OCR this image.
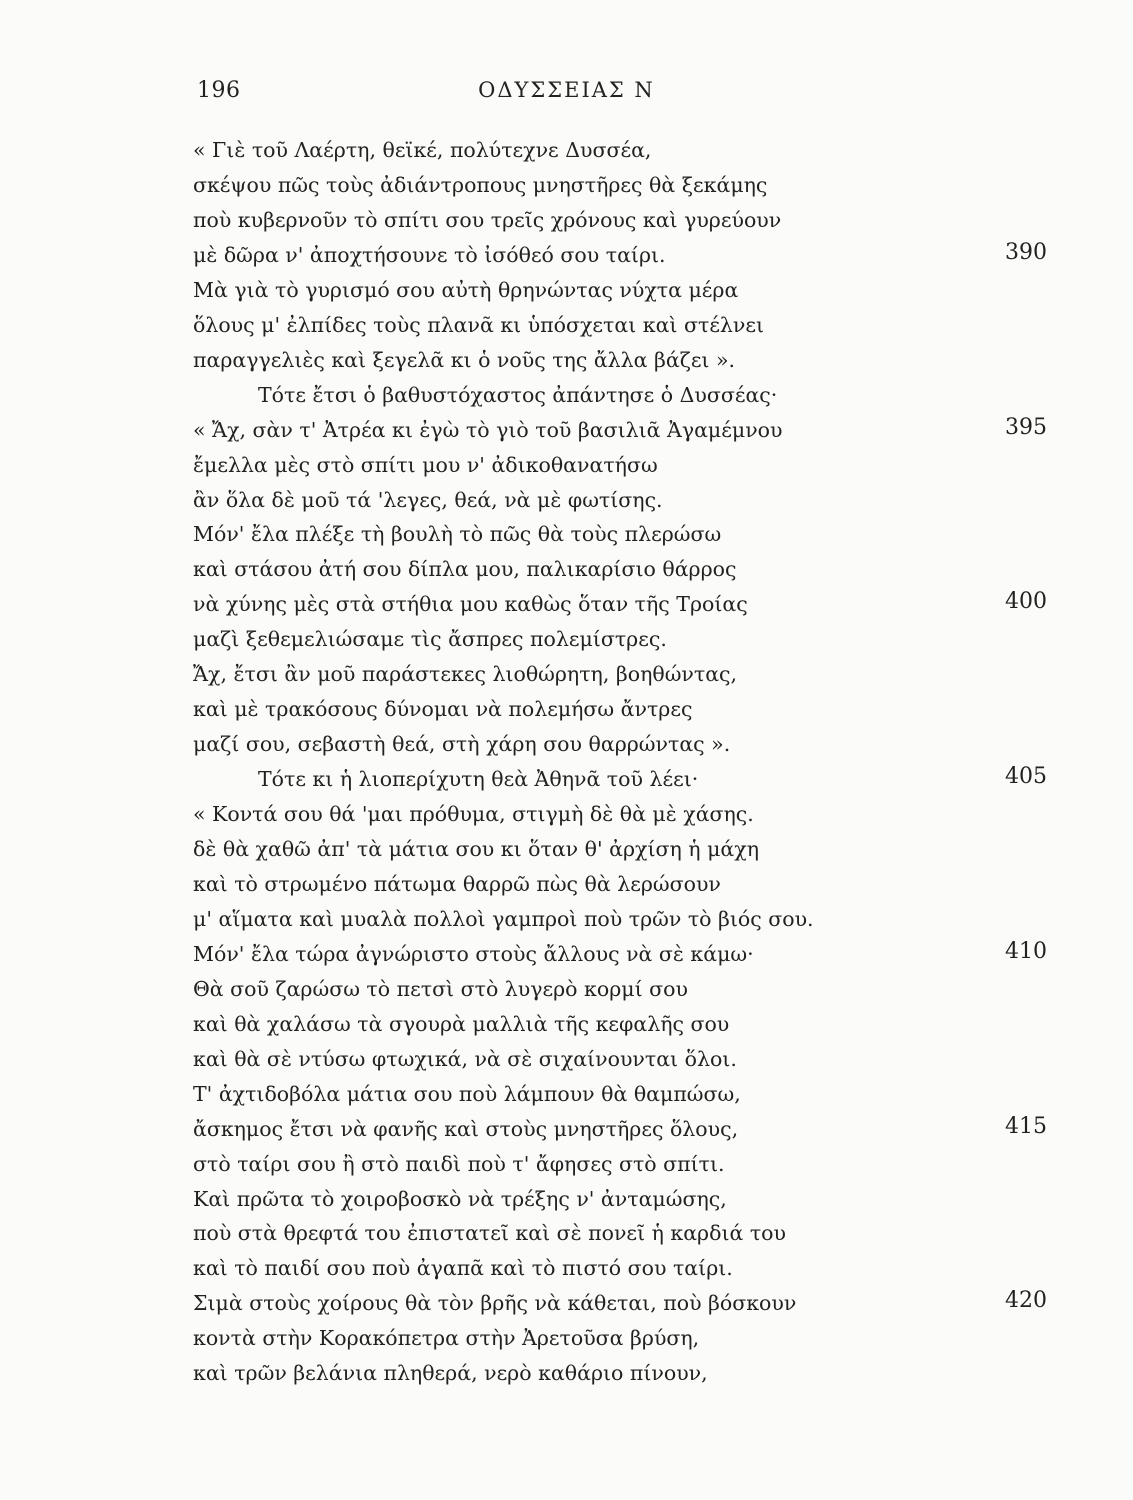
196	ΟΔΥΣΣΕΙΑΣ Ν
« Γιὲ τοῦ Λαέρτη, θεϊκέ, πολύτεχνε Δυσσέα,
σκέψου πῶς τοὺς ἀδιάντροπους μνηστῆρες θὰ ξεκάμης
ποὺ κυβερνοῦν τὸ σπίτι σου τρεῖς χρόνους καὶ γυρεύουν
μὲ δῶρα ν' ἀποχτήσουνε τὸ ἰσόθεό σου ταίρι.	390
Μὰ γιὰ τὸ γυρισμό σου αὐτὴ θρηνώντας νύχτα μέρα
ὅλους μ' ἐλπίδες τοὺς πλανᾶ κι ὑπόσχεται καὶ στέλνει
παραγγελιὲς καὶ ξεγελᾶ κι ὁ νοῦς της ἄλλα βάζει ».
Τότε ἔτσι ὁ βαθυστόχαστος ἀπάντησε ὁ Δυσσέας·
« Ἄχ, σὰν τ' Ἀτρέα κι ἐγὼ τὸ γιὸ τοῦ βασιλιᾶ Ἀγαμέμνου	395
ἔμελλα μὲς στὸ σπίτι μου ν' ἀδικοθανατήσω
ἂν ὅλα δὲ μοῦ τά 'λεγες, θεά, νὰ μὲ φωτίσης.
Μόν' ἔλα πλέξε τὴ βουλὴ τὸ πῶς θὰ τοὺς πλερώσω
καὶ στάσου ἀτή σου δίπλα μου, παλικαρίσιο θάρρος
νὰ χύνης μὲς στὰ στήθια μου καθὼς ὅταν τῆς Τροίας	400
μαζὶ ξεθεμελιώσαμε τὶς ἄσπρες πολεμίστρες.
Ἄχ, ἔτσι ἂν μοῦ παράστεκες λιοθώρητη, βοηθώντας,
καὶ μὲ τρακόσους δύνομαι νὰ πολεμήσω ἄντρες
μαζί σου, σεβαστὴ θεά, στὴ χάρη σου θαρρώντας ».
Τότε κι ἡ λιοπερίχυτη θεὰ Ἀθηνᾶ τοῦ λέει·	405
« Κοντά σου θά 'μαι πρόθυμα, στιγμὴ δὲ θὰ μὲ χάσης.
δὲ θὰ χαθῶ ἀπ' τὰ μάτια σου κι ὅταν θ' ἀρχίση ἡ μάχη
καὶ τὸ στρωμένο πάτωμα θαρρῶ πὼς θὰ λερώσουν
μ' αἵματα καὶ μυαλὰ πολλοὶ γαμπροὶ ποὺ τρῶν τὸ βιός σου.
Μόν' ἔλα τώρα ἀγνώριστο στοὺς ἄλλους νὰ σὲ κάμω·	410
Θὰ σοῦ ζαρώσω τὸ πετσὶ στὸ λυγερὸ κορμί σου
καὶ θὰ χαλάσω τὰ σγουρὰ μαλλιὰ τῆς κεφαλῆς σου
καὶ θὰ σὲ ντύσω φτωχικά, νὰ σὲ σιχαίνουνται ὅλοι.
Τ' ἀχτιδοβόλα μάτια σου ποὺ λάμπουν θὰ θαμπώσω,
ἄσκημος ἔτσι νὰ φανῆς καὶ στοὺς μνηστῆρες ὅλους,	415
στὸ ταίρι σου ἢ στὸ παιδὶ ποὺ τ' ἄφησες στὸ σπίτι.
Καὶ πρῶτα τὸ χοιροβοσκὸ νὰ τρέξης ν' ἀνταμώσης,
ποὺ στὰ θρεφτά του ἐπιστατεῖ καὶ σὲ πονεῖ ἡ καρδιά του
καὶ τὸ παιδί σου ποὺ ἀγαπᾶ καὶ τὸ πιστό σου ταίρι.
Σιμὰ στοὺς χοίρους θὰ τὸν βρῆς νὰ κάθεται, ποὺ βόσκουν	420
κοντὰ στὴν Κορακόπετρα στὴν Ἀρετοῦσα βρύση,
καὶ τρῶν βελάνια πληθερά, νερὸ καθάριο πίνουν,
